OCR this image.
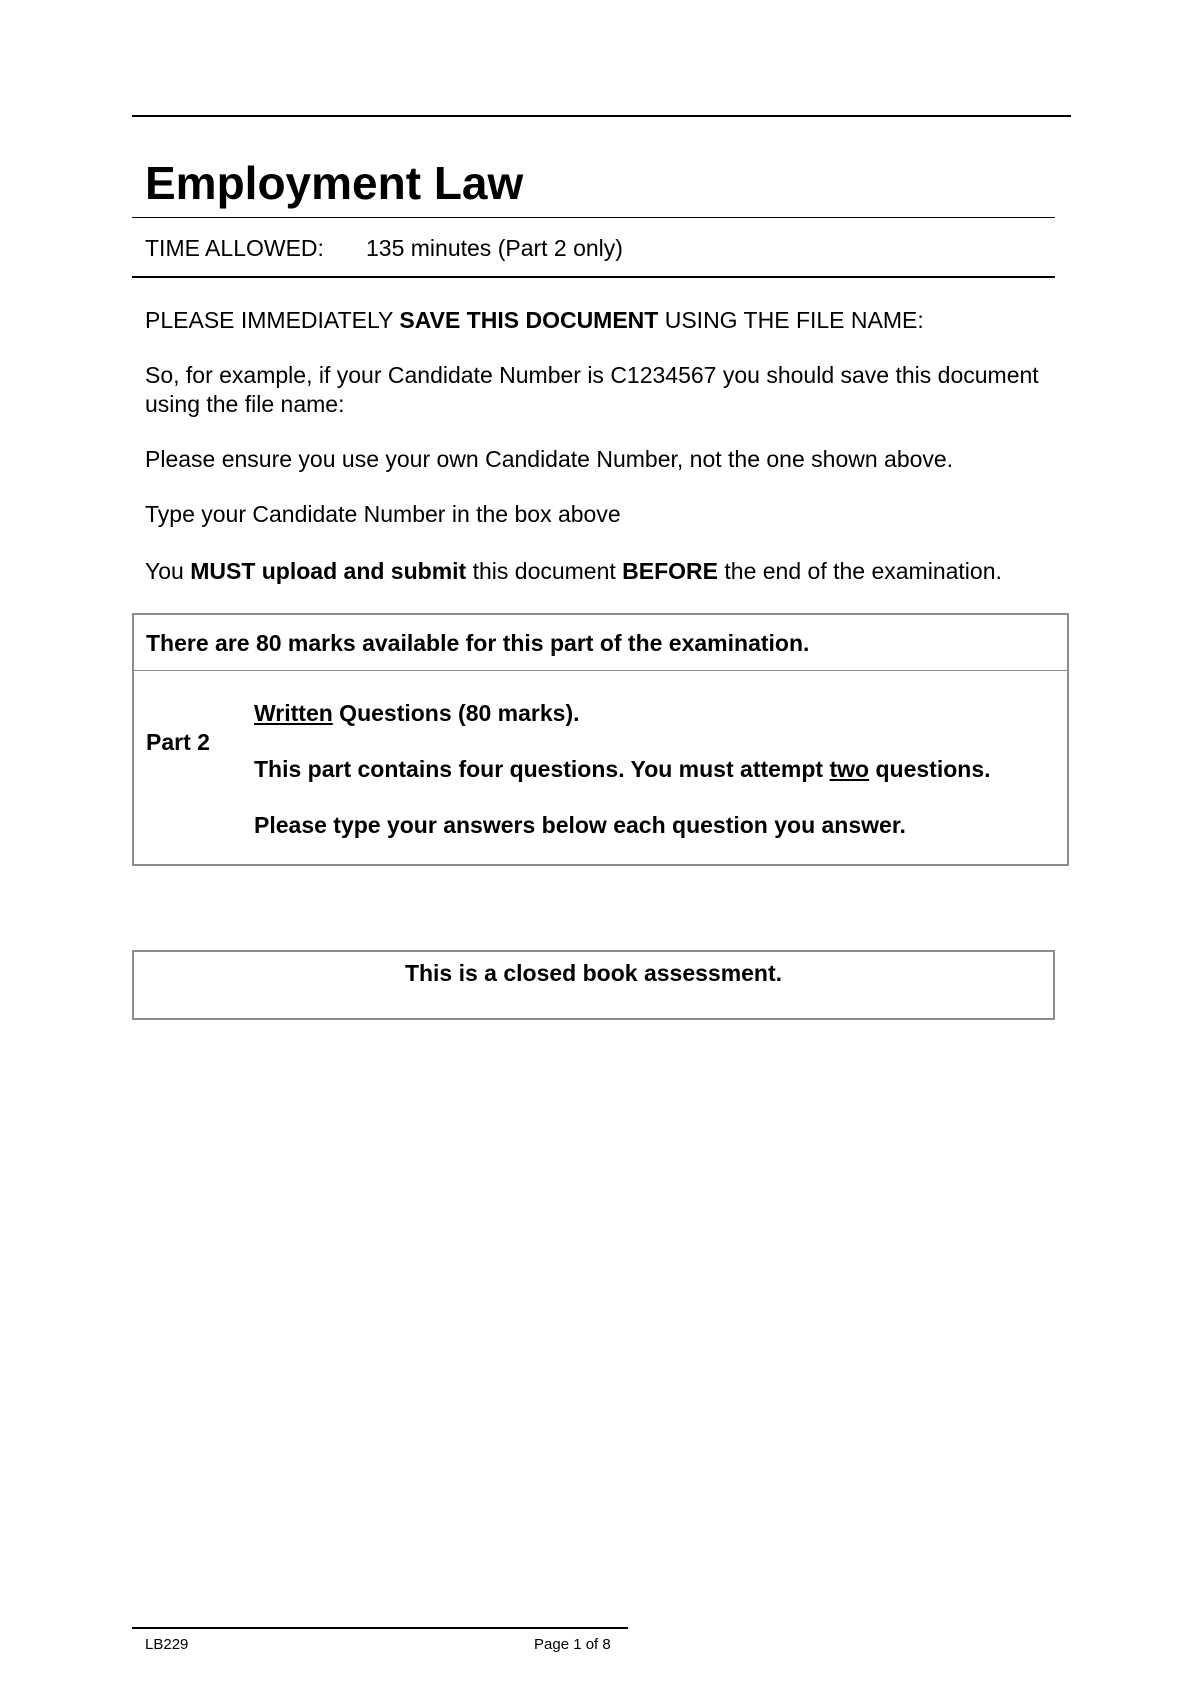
Employment Law
TIME ALLOWED: 135 minutes (Part 2 only)
PLEASE IMMEDIATELY SAVE THIS DOCUMENT USING THE FILE NAME:
So, for example, if your Candidate Number is C1234567 you should save this document using the file name:
Please ensure you use your own Candidate Number, not the one shown above.
Type your Candidate Number in the box above
You MUST upload and submit this document BEFORE the end of the examination.
There are 80 marks available for this part of the examination.
Part 2
Written Questions (80 marks).
This part contains four questions. You must attempt two questions.
Please type your answers below each question you answer.
This is a closed book assessment.
LB229	Page 1 of 8
